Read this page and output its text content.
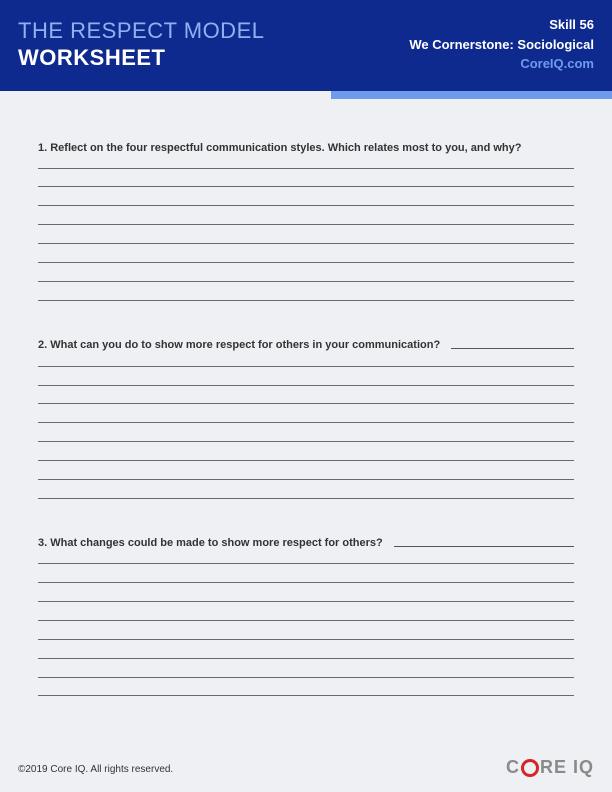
THE RESPECT MODEL
WORKSHEET
Skill 56
We Cornerstone: Sociological
CoreIQ.com
1. Reflect on the four respectful communication styles. Which relates most to you, and why?
2. What can you do to show more respect for others in your communication?
3. What changes could be made to show more respect for others?
©2019 Core IQ. All rights reserved.	C RE IQ
